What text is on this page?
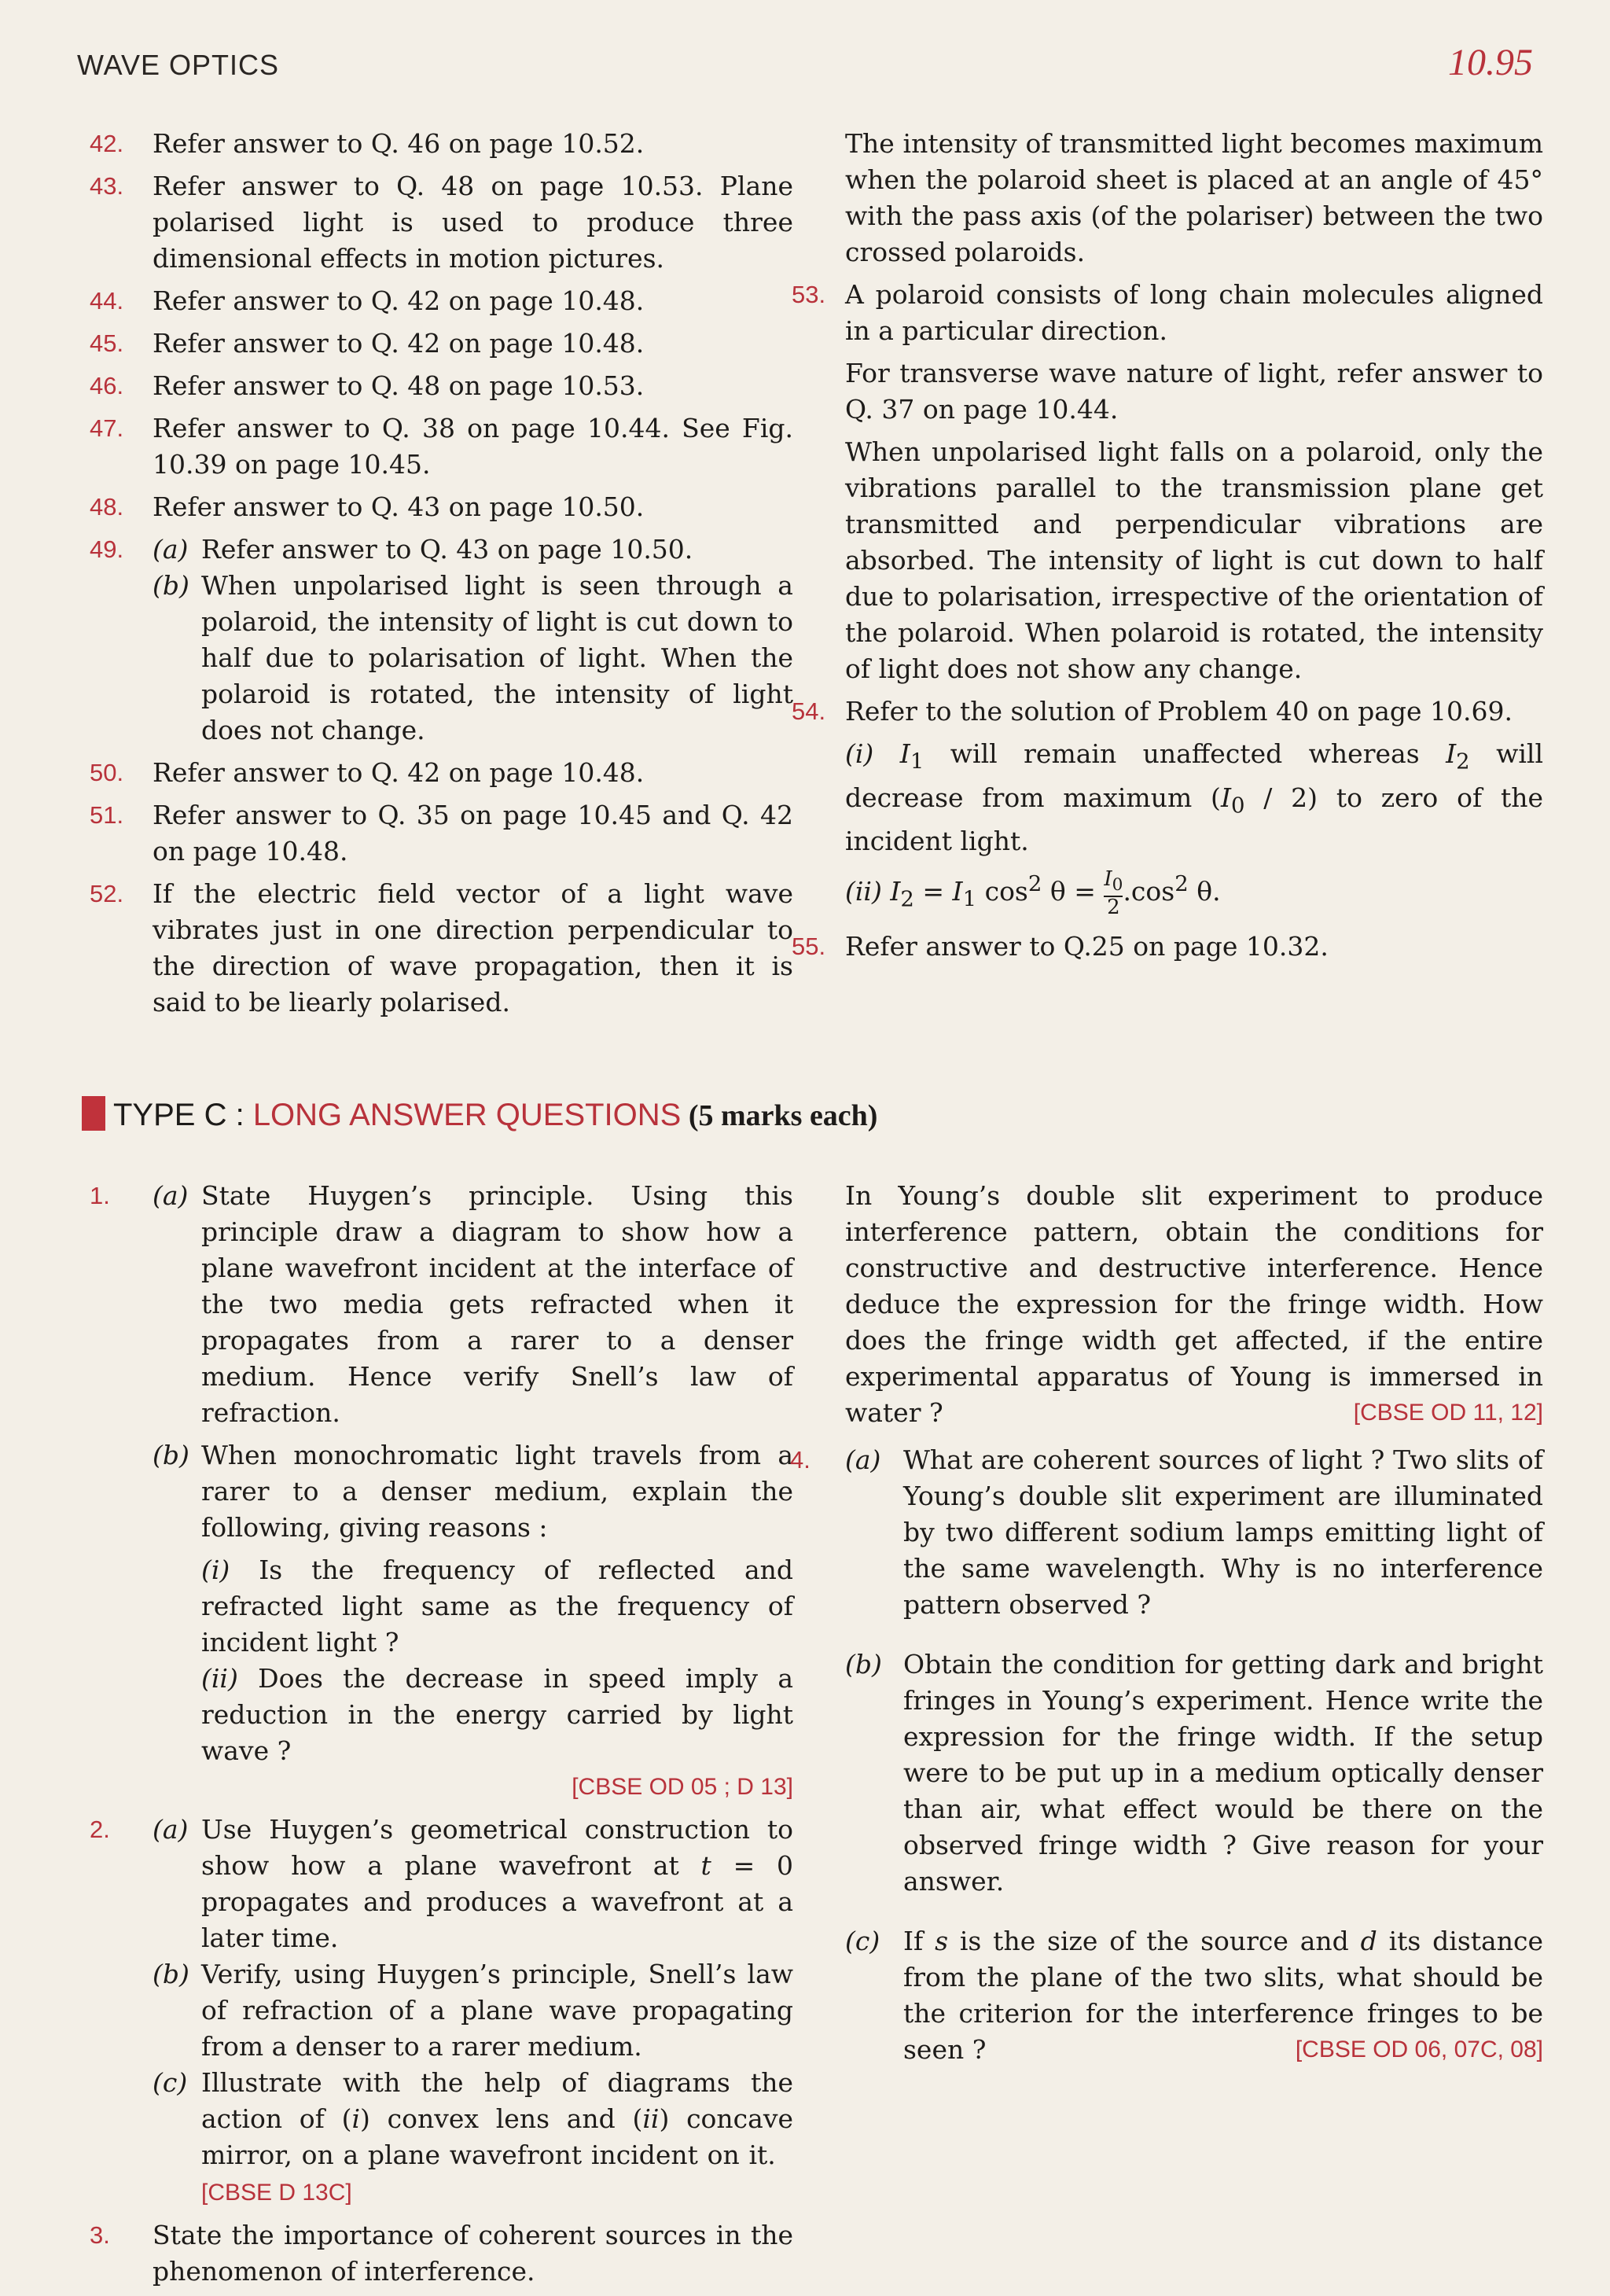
WAVE OPTICS	10.95
42. Refer answer to Q. 46 on page 10.52.
43. Refer answer to Q. 48 on page 10.53. Plane polarised light is used to produce three dimensional effects in motion pictures.
44. Refer answer to Q. 42 on page 10.48.
45. Refer answer to Q. 42 on page 10.48.
46. Refer answer to Q. 48 on page 10.53.
47. Refer answer to Q. 38 on page 10.44. See Fig. 10.39 on page 10.45.
48. Refer answer to Q. 43 on page 10.50.
49. (a) Refer answer to Q. 43 on page 10.50.
(b) When unpolarised light is seen through a polaroid, the intensity of light is cut down to half due to polarisation of light. When the polaroid is rotated, the intensity of light does not change.
50. Refer answer to Q. 42 on page 10.48.
51. Refer answer to Q. 35 on page 10.45 and Q. 42 on page 10.48.
52. If the electric field vector of a light wave vibrates just in one direction perpendicular to the direction of wave propagation, then it is said to be liearly polarised.
The intensity of transmitted light becomes maximum when the polaroid sheet is placed at an angle of 45° with the pass axis (of the polariser) between the two crossed polaroids.
53. A polaroid consists of long chain molecules aligned in a particular direction.
For transverse wave nature of light, refer answer to Q. 37 on page 10.44.
When unpolarised light falls on a polaroid, only the vibrations parallel to the transmission plane get transmitted and perpendicular vibrations are absorbed. The intensity of light is cut down to half due to polarisation, irrespective of the orientation of the polaroid. When polaroid is rotated, the intensity of light does not show any change.
54. Refer to the solution of Problem 40 on page 10.69.
(i) $I_1$ will remain unaffected whereas $I_2$ will decrease from maximum $(I_0 / 2)$ to zero of the incident light.
(ii) $I_2 = I_1$ $\cos^2 \theta = \frac{I_0}{2} .\cos^2$ θ.
55. Refer answer to Q.25 on page 10.32.
TYPE C : LONG ANSWER QUESTIONS (5 marks each)
1. (a) State Huygen’s principle. Using this principle draw a diagram to show how a plane wavefront incident at the interface of the two media gets refracted when it propagates from a rarer to a denser medium. Hence verify Snell’s law of refraction.
(b) When monochromatic light travels from a rarer to a denser medium, explain the following, giving reasons :
(i) Is the frequency of reflected and refracted light same as the frequency of incident light ?
(ii) Does the decrease in speed imply a reduction in the energy carried by light wave ?
[CBSE OD 05 ; D 13]
2. (a) Use Huygen’s geometrical construction to show how a plane wavefront at t = 0 propagates and produces a wavefront at a later time.
(b) Verify, using Huygen’s principle, Snell’s law of refraction of a plane wave propagating from a denser to a rarer medium.
(c) Illustrate with the help of diagrams the action of (i) convex lens and (ii) concave mirror, on a plane wavefront incident on it.   [CBSE D 13C]
3. State the importance of coherent sources in the phenomenon of interference.
In Young’s double slit experiment to produce interference pattern, obtain the conditions for constructive and destructive interference. Hence deduce the expression for the fringe width. How does the fringe width get affected, if the entire experimental apparatus of Young is immersed in water ?	[CBSE OD 11, 12]
4. (a) What are coherent sources of light ? Two slits of Young’s double slit experiment are illuminated by two different sodium lamps emitting light of the same wavelength. Why is no interference pattern observed ?
(b) Obtain the condition for getting dark and bright fringes in Young’s experiment. Hence write the expression for the fringe width. If the setup were to be put up in a medium optically denser than air, what effect would be there on the observed fringe width ? Give reason for your answer.
(c) If s is the size of the source and d its distance from the plane of the two slits, what should be the criterion for the interference fringes to be seen ?	[CBSE OD 06, 07C, 08]
